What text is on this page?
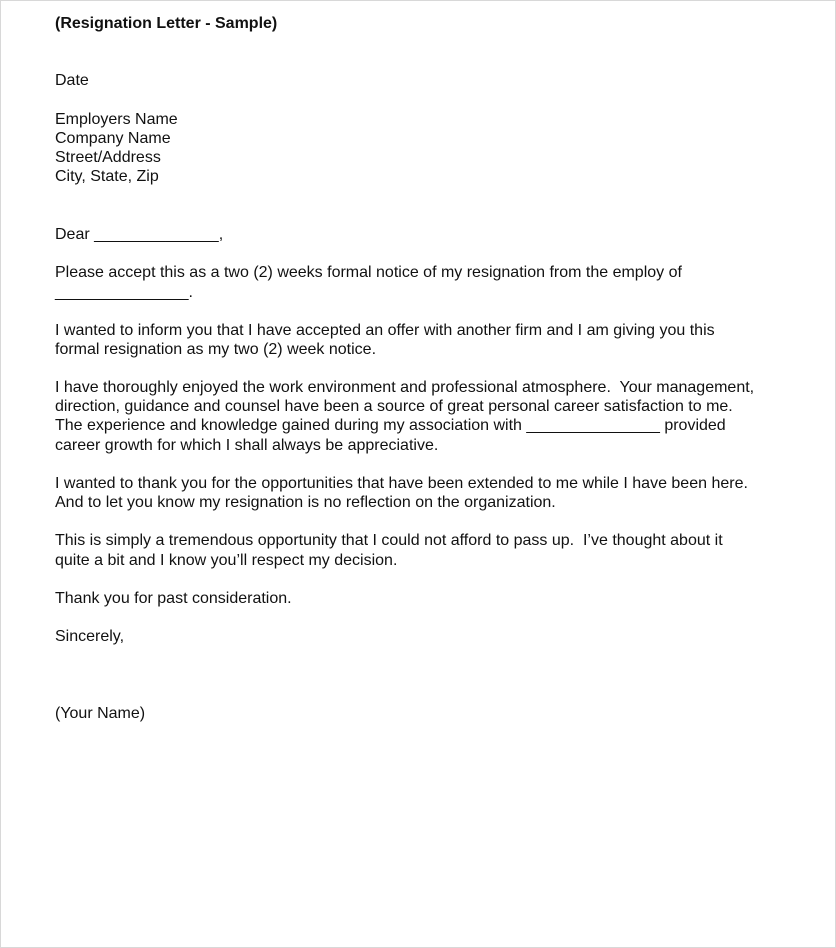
(Resignation Letter - Sample)
Date
Employers Name
Company Name
Street/Address
City, State, Zip
Dear ______________,
Please accept this as a two (2) weeks formal notice of my resignation from the employ of
_______________.
I wanted to inform you that I have accepted an offer with another firm and I am giving you this
formal resignation as my two (2) week notice.
I have thoroughly enjoyed the work environment and professional atmosphere.  Your management,
direction, guidance and counsel have been a source of great personal career satisfaction to me.
The experience and knowledge gained during my association with _______________ provided
career growth for which I shall always be appreciative.
I wanted to thank you for the opportunities that have been extended to me while I have been here.
And to let you know my resignation is no reflection on the organization.
This is simply a tremendous opportunity that I could not afford to pass up.  I’ve thought about it
quite a bit and I know you’ll respect my decision.
Thank you for past consideration.
Sincerely,
(Your Name)
